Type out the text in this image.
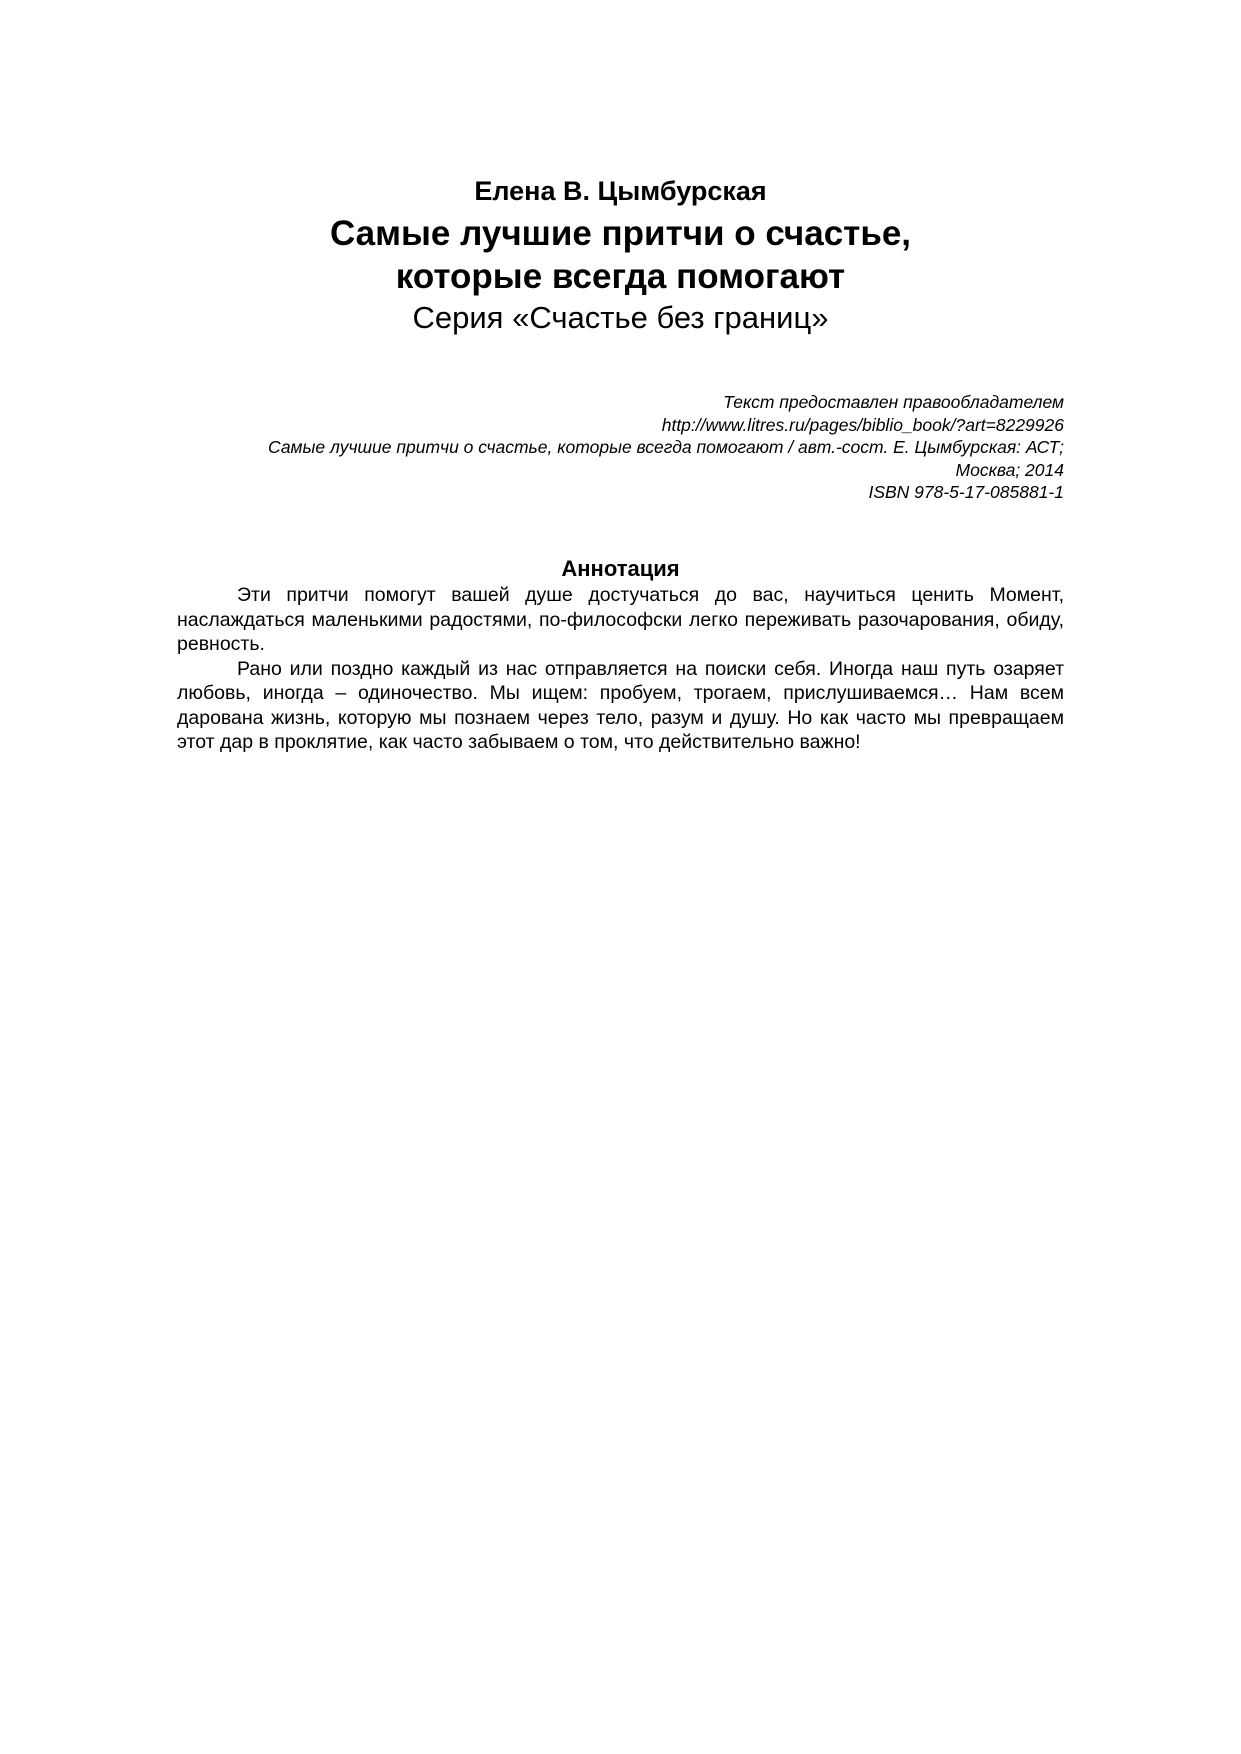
Елена В. Цымбурская

Самые лучшие притчи о счастье,
которые всегда помогают

Серия «Счастье без границ»

Текст предоставлен правообладателем
http://www.litres.ru/pages/biblio_book/?art=8229926
Самые лучшие притчи о счастье, которые всегда помогают / авт.-сост. Е. Цымбурская: АСТ;
Москва; 2014
ISBN 978-5-17-085881-1

Аннотация

Эти притчи помогут вашей душе достучаться до вас, научиться ценить Момент, наслаждаться маленькими радостями, по-философски легко переживать разочарования, обиду, ревность.

Рано или поздно каждый из нас отправляется на поиски себя. Иногда наш путь озаряет любовь, иногда – одиночество. Мы ищем: пробуем, трогаем, прислушиваемся… Нам всем дарована жизнь, которую мы познаем через тело, разум и душу. Но как часто мы превращаем этот дар в проклятие, как часто забываем о том, что действительно важно!
